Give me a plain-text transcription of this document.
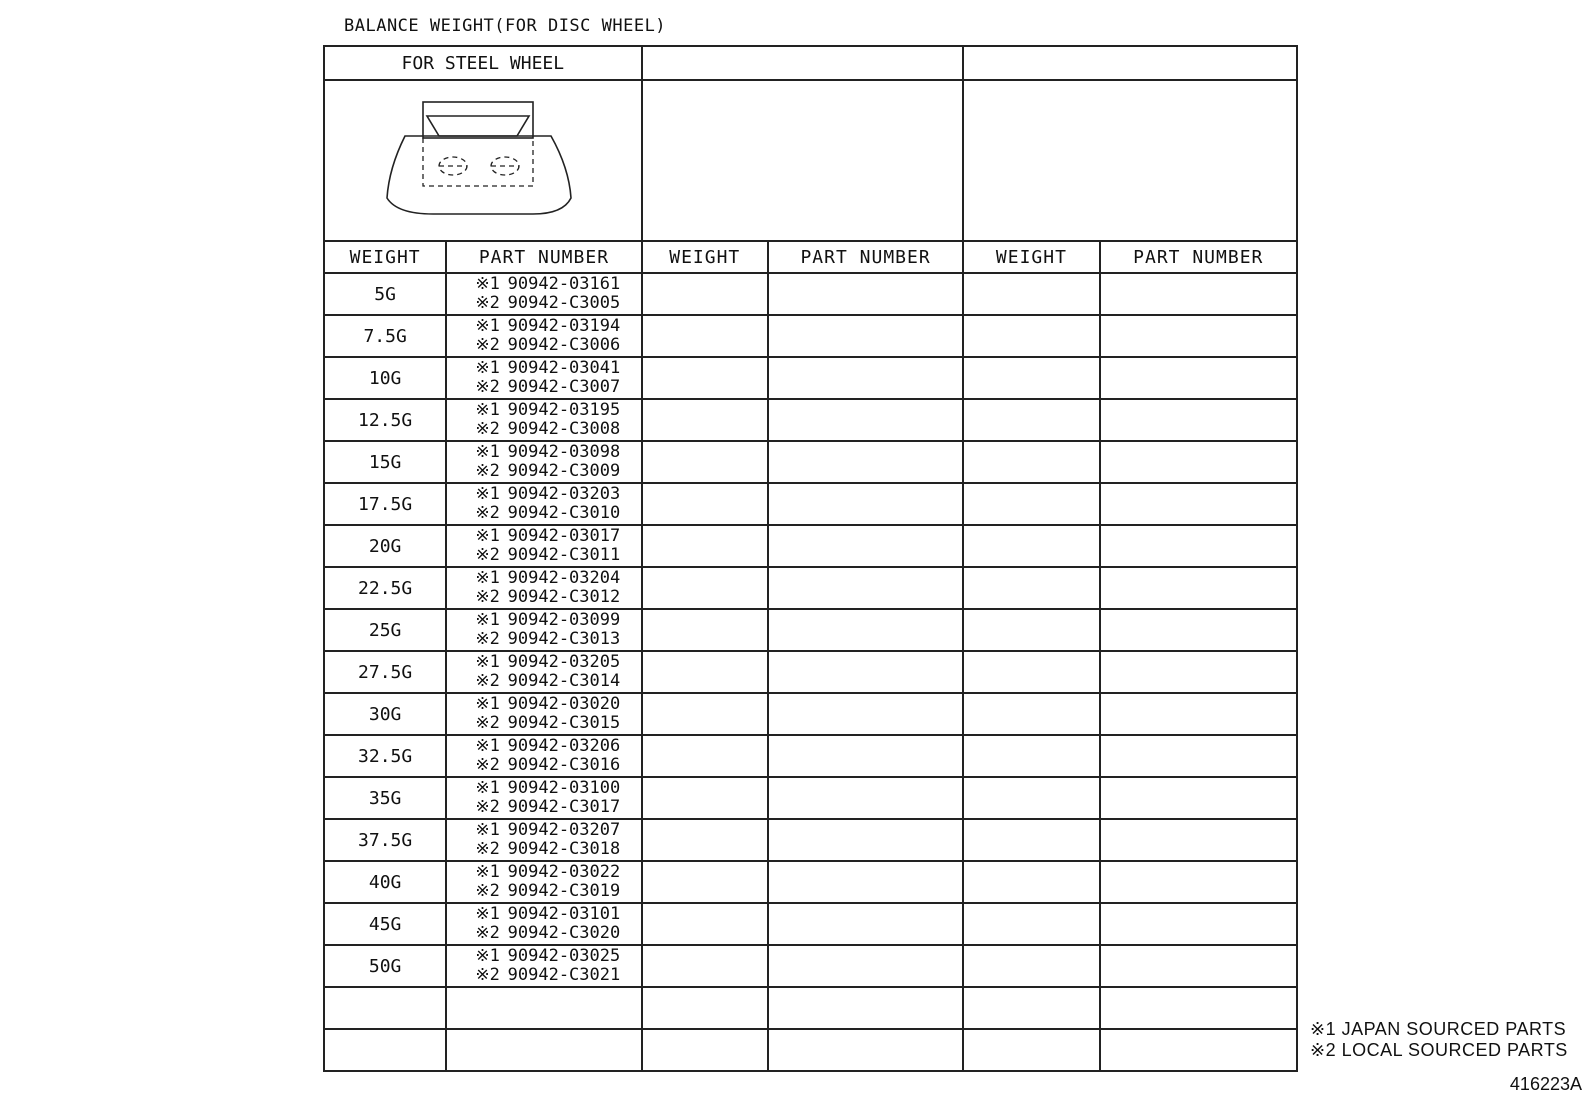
BALANCE WEIGHT(FOR DISC WHEEL)
FOR STEEL WHEEL					

WEIGHT	PART NUMBER	WEIGHT	PART NUMBER	WEIGHT	PART NUMBER
5G	※1 90942-03161
※2 90942-C3005				

7.5G	※1 90942-03194
※2 90942-C3006				

10G	※1 90942-03041
※2 90942-C3007				

12.5G	※1 90942-03195
※2 90942-C3008				

15G	※1 90942-03098
※2 90942-C3009				

17.5G	※1 90942-03203
※2 90942-C3010				

20G	※1 90942-03017
※2 90942-C3011				

22.5G	※1 90942-03204
※2 90942-C3012				

25G	※1 90942-03099
※2 90942-C3013				

27.5G	※1 90942-03205
※2 90942-C3014				

30G	※1 90942-03020
※2 90942-C3015				

32.5G	※1 90942-03206
※2 90942-C3016				

35G	※1 90942-03100
※2 90942-C3017				

37.5G	※1 90942-03207
※2 90942-C3018				

40G	※1 90942-03022
※2 90942-C3019				

45G	※1 90942-03101
※2 90942-C3020				

50G	※1 90942-03025
※2 90942-C3021				

※1 JAPAN SOURCED PARTS
※2 LOCAL SOURCED PARTS
416223A
